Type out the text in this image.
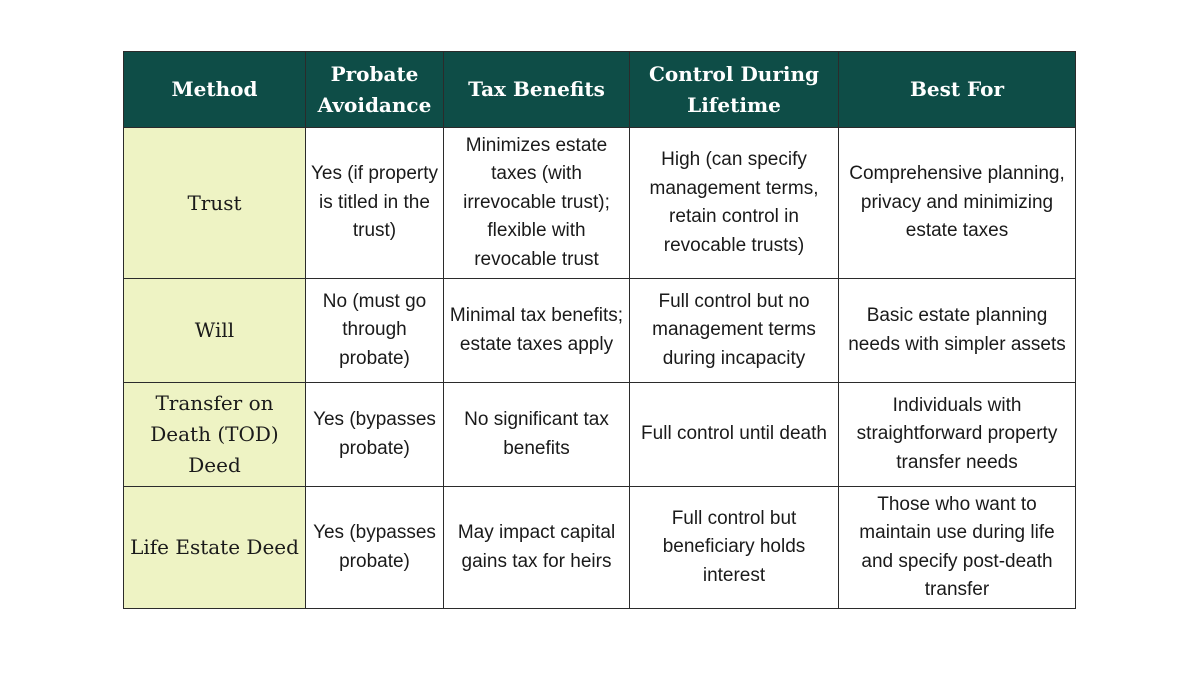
Method	Probate Avoidance	Tax Benefits	Control During Lifetime	Best For
Trust	Yes (if property is titled in the trust)	Minimizes estate taxes (with irrevocable trust); flexible with revocable trust	High (can specify management terms, retain control in revocable trusts)	Comprehensive planning, privacy and minimizing estate taxes
Will	No (must go through probate)	Minimal tax benefits; estate taxes apply	Full control but no management terms during incapacity	Basic estate planning needs with simpler assets
Transfer on Death (TOD) Deed	Yes (bypasses probate)	No significant tax benefits	Full control until death	Individuals with straightforward property transfer needs
Life Estate Deed	Yes (bypasses probate)	May impact capital gains tax for heirs	Full control but beneficiary holds interest	Those who want to maintain use during life and specify post-death transfer
